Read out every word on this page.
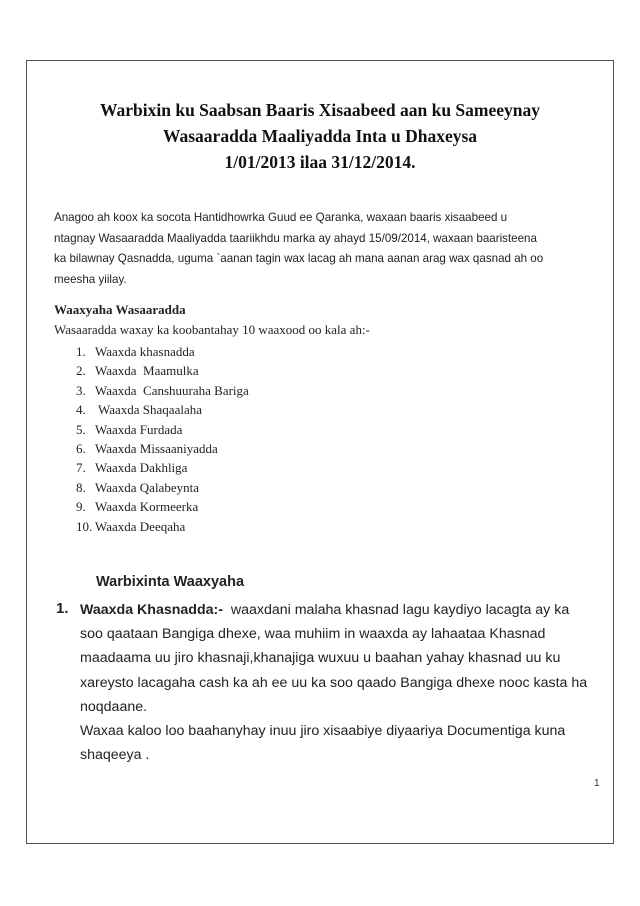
Warbixin ku Saabsan Baaris Xisaabeed aan ku Sameeynay
Wasaaradda Maaliyadda Inta u Dhaxeysa
1/01/2013 ilaa 31/12/2014.

Anagoo ah koox ka socota Hantidhowrka Guud ee Qaranka, waxaan baaris xisaabeed u

ntagnay Wasaaradda Maaliyadda taariikhdu marka ay ahayd 15/09/2014, waxaan baaristeena

ka bilawnay Qasnadda, uguma `aanan tagin wax lacag ah mana aanan arag wax qasnad ah oo

meesha yiilay.

Waaxyaha Wasaaradda
Wasaaradda waxay ka koobantahay 10 waaxood oo kala ah:-
1. Waaxda khasnadda
2. Waaxda  Maamulka
3. Waaxda  Canshuuraha Bariga
4. Waaxda Shaqaalaha
5. Waaxda Furdada
6. Waaxda Missaaniyadda
7. Waaxda Dakhliga
8. Waaxda Qalabeynta
9. Waaxda Kormeerka
10. Waaxda Deeqaha
Warbixinta Waaxyaha
1. Waaxda Khasnadda:-  waaxdani malaha khasnad lagu kaydiyo lacagta ay ka

soo qaataan Bangiga dhexe, waa muhiim in waaxda ay lahaataa Khasnad

maadaama uu jiro khasnaji,khanajiga wuxuu u baahan yahay khasnad uu ku

xareysto lacagaha cash ka ah ee uu ka soo qaado Bangiga dhexe nooc kasta ha

noqdaane.

Waxaa kaloo loo baahanyhay inuu jiro xisaabiye diyaariya Documentiga kuna

shaqeeya .

1
